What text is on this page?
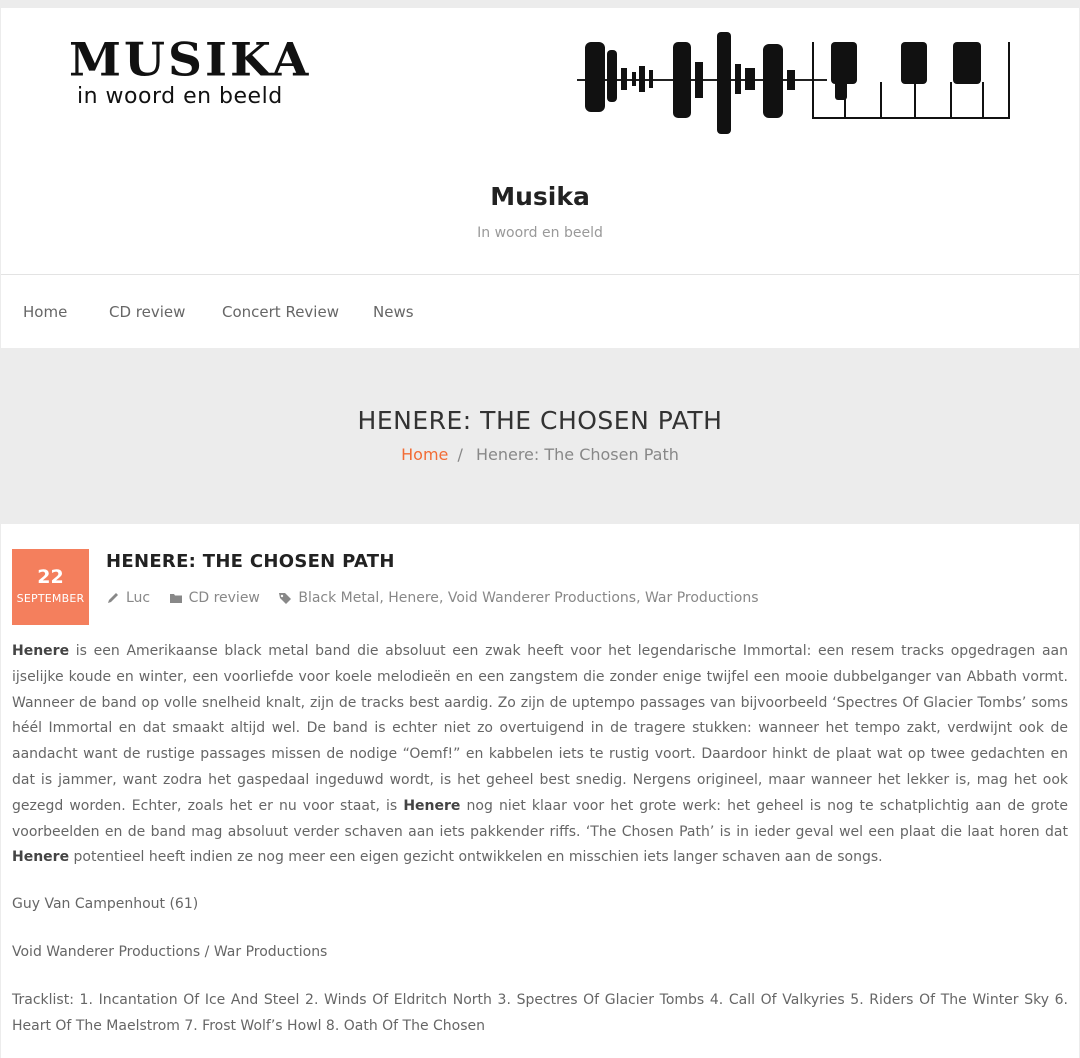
MUSIKA
in woord en beeld
Musika
In woord en beeld
Home	CD review Concert Review News
HENERE: THE CHOSEN PATH
Home / Henere: The Chosen Path
22
SEPTEMBER
HENERE: THE CHOSEN PATH
Luc	CD review	Black Metal, Henere, Void Wanderer Productions, War Productions
Henere is een Amerikaanse black metal band die absoluut een zwak heeft voor het legendarische Immortal: een resem tracks opgedragen aan ijselijke koude en winter, een voorliefde voor koele melodieën en een zangstem die zonder enige twijfel een mooie dubbelganger van Abbath vormt. Wanneer de band op volle snelheid knalt, zijn de tracks best aardig. Zo zijn de uptempo passages van bijvoorbeeld ‘Spectres Of Glacier Tombs’ soms héél Immortal en dat smaakt altijd wel. De band is echter niet zo overtuigend in de tragere stukken: wanneer het tempo zakt, verdwijnt ook de aandacht want de rustige passages missen de nodige “Oemf!” en kabbelen iets te rustig voort. Daardoor hinkt de plaat wat op twee gedachten en dat is jammer, want zodra het gaspedaal ingeduwd wordt, is het geheel best snedig. Nergens origineel, maar wanneer het lekker is, mag het ook gezegd worden. Echter, zoals het er nu voor staat, is Henere nog niet klaar voor het grote werk: het geheel is nog te schatplichtig aan de grote voorbeelden en de band mag absoluut verder schaven aan iets pakkender riffs. ‘The Chosen Path’ is in ieder geval wel een plaat die laat horen dat Henere potentieel heeft indien ze nog meer een eigen gezicht ontwikkelen en misschien iets langer schaven aan de songs.
Guy Van Campenhout (61)
Void Wanderer Productions / War Productions
Tracklist: 1. Incantation Of Ice And Steel 2. Winds Of Eldritch North 3. Spectres Of Glacier Tombs 4. Call Of Valkyries 5. Riders Of The Winter Sky 6. Heart Of The Maelstrom 7. Frost Wolf’s Howl 8. Oath Of The Chosen
